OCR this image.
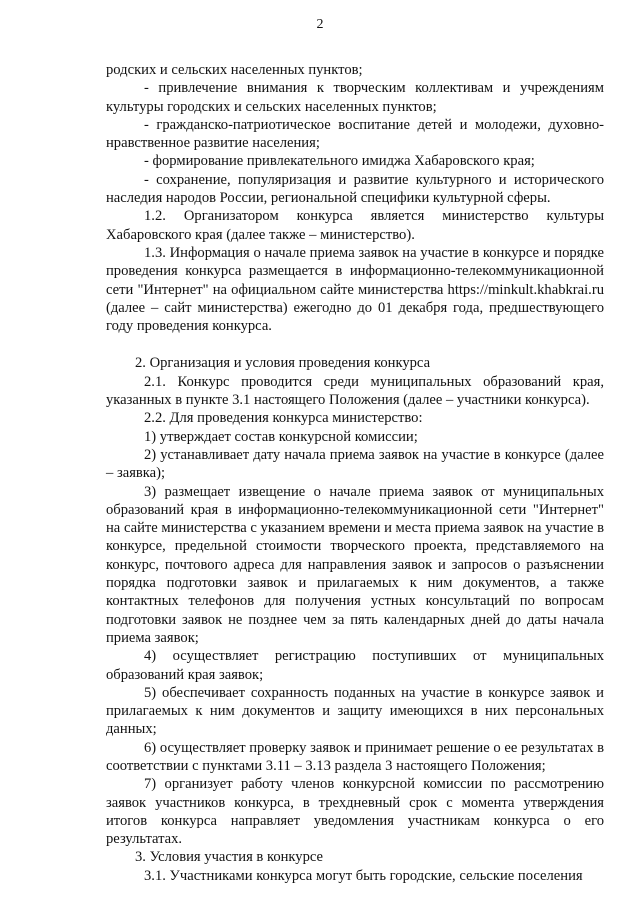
2

родских и сельских населенных пунктов;

- привлечение внимания к творческим коллективам и учреждениям культуры городских и сельских населенных пунктов;

- гражданско-патриотическое воспитание детей и молодежи, духовно-нравственное развитие населения;

- формирование привлекательного имиджа Хабаровского края;

- сохранение, популяризация и развитие культурного и исторического наследия народов России, региональной специфики культурной сферы.

1.2. Организатором конкурса является министерство культуры Хабаровского края (далее также – министерство).

1.3. Информация о начале приема заявок на участие в конкурсе и порядке проведения конкурса размещается в информационно-телекоммуникационной сети "Интернет" на официальном сайте министерства https://minkult.khabkrai.ru (далее – сайт министерства) ежегодно до 01 декабря года, предшествующего году проведения конкурса.

2. Организация и условия проведения конкурса

2.1. Конкурс проводится среди муниципальных образований края, указанных в пункте 3.1 настоящего Положения (далее – участники конкурса).

2.2. Для проведения конкурса министерство:

1) утверждает состав конкурсной комиссии;

2) устанавливает дату начала приема заявок на участие в конкурсе (далее – заявка);

3) размещает извещение о начале приема заявок от муниципальных образований края в информационно-телекоммуникационной сети "Интернет" на сайте министерства с указанием времени и места приема заявок на участие в конкурсе, предельной стоимости творческого проекта, представляемого на конкурс, почтового адреса для направления заявок и запросов о разъяснении порядка подготовки заявок и прилагаемых к ним документов, а также контактных телефонов для получения устных консультаций по вопросам подготовки заявок не позднее чем за пять календарных дней до даты начала приема заявок;

4) осуществляет регистрацию поступивших от муниципальных образований края заявок;

5) обеспечивает сохранность поданных на участие в конкурсе заявок и прилагаемых к ним документов и защиту имеющихся в них персональных данных;

6) осуществляет проверку заявок и принимает решение о ее результатах в соответствии с пунктами 3.11 – 3.13 раздела 3 настоящего Положения;

7) организует работу членов конкурсной комиссии по рассмотрению заявок участников конкурса, в трехдневный срок с момента утверждения итогов конкурса направляет уведомления участникам конкурса о его результатах.

3. Условия участия в конкурсе

3.1. Участниками конкурса могут быть городские, сельские поселения
